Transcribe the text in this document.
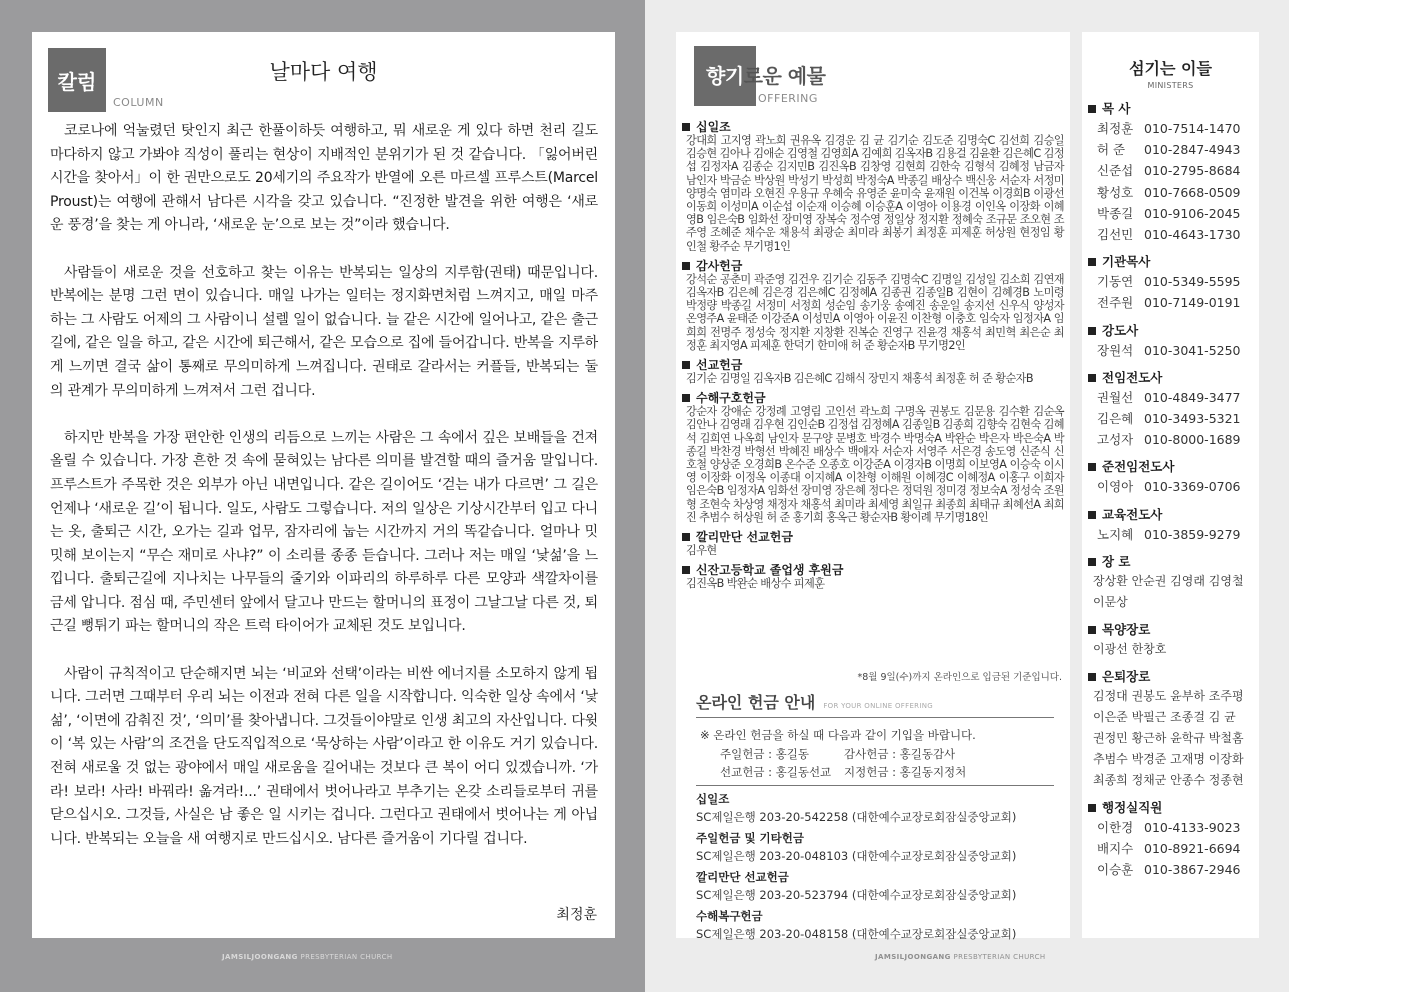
칼럼
COLUMN
날마다 여행

코로나에 억눌렸던 탓인지 최근 한풀이하듯 여행하고, 뭐 새로운 게 있다 하면 천리 길도 마다하지 않고 가봐야 직성이 풀리는 현상이 지배적인 분위기가 된 것 같습니다. 「잃어버린 시간을 찾아서」이 한 권만으로도 20세기의 주요작가 반열에 오른 마르셀 프루스트(Marcel Proust)는 여행에 관해서 남다른 시각을 갖고 있습니다. “진정한 발견을 위한 여행은 ‘새로운 풍경’을 찾는 게 아니라, ‘새로운 눈’으로 보는 것”이라 했습니다.

사람들이 새로운 것을 선호하고 찾는 이유는 반복되는 일상의 지루함(권태) 때문입니다. 반복에는 분명 그런 면이 있습니다. 매일 나가는 일터는 정지화면처럼 느껴지고, 매일 마주하는 그 사람도 어제의 그 사람이니 설렐 일이 없습니다. 늘 같은 시간에 일어나고, 같은 출근길에, 같은 일을 하고, 같은 시간에 퇴근해서, 같은 모습으로 집에 들어갑니다. 반복을 지루하게 느끼면 결국 삶이 통째로 무의미하게 느껴집니다. 권태로 갈라서는 커플들, 반복되는 둘의 관계가 무의미하게 느껴져서 그런 겁니다.

하지만 반복을 가장 편안한 인생의 리듬으로 느끼는 사람은 그 속에서 깊은 보배들을 건져 올릴 수 있습니다. 가장 흔한 것 속에 묻혀있는 남다른 의미를 발견할 때의 즐거움 말입니다. 프루스트가 주목한 것은 외부가 아닌 내면입니다. 같은 길이어도 ‘걷는 내가 다르면’ 그 길은 언제나 ‘새로운 길’이 됩니다. 일도, 사람도 그렇습니다. 저의 일상은 기상시간부터 입고 다니는 옷, 출퇴근 시간, 오가는 길과 업무, 잠자리에 눕는 시간까지 거의 똑같습니다. 얼마나 밋밋해 보이는지 “무슨 재미로 사냐?” 이 소리를 종종 듣습니다. 그러나 저는 매일 ‘낯섦’을 느낍니다. 출퇴근길에 지나치는 나무들의 줄기와 이파리의 하루하루 다른 모양과 색깔차이를 금세 압니다. 점심 때, 주민센터 앞에서 달고나 만드는 할머니의 표정이 그날그날 다른 것, 퇴근길 뻥튀기 파는 할머니의 작은 트럭 타이어가 교체된 것도 보입니다.

사람이 규칙적이고 단순해지면 뇌는 ‘비교와 선택’이라는 비싼 에너지를 소모하지 않게 됩니다. 그러면 그때부터 우리 뇌는 이전과 전혀 다른 일을 시작합니다. 익숙한 일상 속에서 ‘낯섦’, ‘이면에 감춰진 것’, ‘의미’를 찾아냅니다. 그것들이야말로 인생 최고의 자산입니다. 다윗이 ‘복 있는 사람’의 조건을 단도직입적으로 ‘묵상하는 사람’이라고 한 이유도 거기 있습니다. 전혀 새로울 것 없는 광야에서 매일 새로움을 길어내는 것보다 큰 복이 어디 있겠습니까. ‘가라! 보라! 사라! 바꿔라! 옮겨라!...’ 권태에서 벗어나라고 부추기는 온갖 소리들로부터 귀를 닫으십시오. 그것들, 사실은 남 좋은 일 시키는 겁니다. 그런다고 권태에서 벗어나는 게 아닙니다. 반복되는 오늘을 새 여행지로 만드십시오. 남다른 즐거움이 기다릴 겁니다.

최정훈
JAMSILJOONGANG PRESBYTERIAN CHURCH
향기로운 예물
OFFERING
십일조
강대희 고지영 곽노희 권유옥 김경운 김 균 김기순 김도준 김명숙C 김선희 김승일 김승현 김아나 김애순 김영철 김영희A 김예희 김옥자B 김용걸 김윤환 김은혜C 김정섭 김정자A 김종순 김지민B 김진옥B 김창영 김현희 김한숙 김형석 김혜정 남금자 남인자 박금순 박상원 박성기 박성희 박정숙A 박종길 배상수 백신웅 서순자 서정미 양명숙 염미라 오현진 우용규 우혜숙 유영준 윤미숙 윤재원 이건복 이경희B 이광선 이동희 이성미A 이순섭 이순재 이승혜 이승훈A 이영아 이용경 이인옥 이장화 이혜영B 임은숙B 임화선 장미영 장복숙 정수영 정일상 정지환 정혜숙 조규문 조오현 조주영 조혜준 채수운 채용석 최광순 최미라 최봉기 최정훈 피제훈 허상원 현정임 황인철 황주순 무기명1인
감사헌금
강석순 공춘미 곽준영 김건우 김기순 김동주 김명숙C 김명일 김성일 김소희 김연재 김옥자B 김은혜 김은경 김은혜C 김정혜A 김종권 김종일B 김현이 김혜경B 노미령 박정량 박종길 서정미 서정희 성순임 송기웅 송예진 송운일 송지선 신우식 양성자 온영주A 윤태준 이강준A 이성민A 이영아 이윤진 이찬형 이충호 임숙자 임정자A 임희희 전명주 정성숙 정지환 지창환 진복순 진영구 진윤경 채홍석 최민혁 최은순 최정훈 최지영A 피제훈 한덕기 한미애 허 준 황순자B 무기명2인
선교헌금
김기순 김명일 김옥자B 김은혜C 김해식 장민지 채홍석 최정훈 허 준 황순자B
수해구호헌금
강순자 강애순 강정례 고영림 고인선 곽노희 구명옥 권봉도 김문용 김수환 김순옥 김안나 김영래 김우현 김인순B 김정섭 김정혜A 김종일B 김종희 김향숙 김현숙 김혜석 김희연 나옥희 남인자 문구양 문병호 박경수 박명숙A 박완순 박은자 박은숙A 박종길 박찬경 박형선 박혜진 배상수 백애자 서순자 서영주 서은경 송도영 신준식 신호철 양상준 오경희B 온수준 오종호 이강준A 이경자B 이명희 이보영A 이승숙 이시영 이장화 이정옥 이종대 이지혜A 이찬형 이해원 이혜경C 이혜정A 이홍구 이희자 임은숙B 임정자A 임화선 장미영 장은혜 정다은 정덕원 정미경 정보숙A 정성숙 조원형 조현숙 차상영 채정자 채홍석 최미라 최세영 최일규 최종희 최태규 최혜선A 최희진 추범수 허상원 허 준 홍기희 홍옥근 황순자B 황이례 무기명18인
깔리만단 선교헌금
김우현
신잔고등학교 졸업생 후원금
김진옥B 박완순 배상수 피제훈
*8월 9일(수)까지 온라인으로 입금된 기준입니다.
온라인 헌금 안내 FOR YOUR ONLINE OFFERING
※ 온라인 헌금을 하실 때 다음과 같이 기입을 바랍니다.
주일헌금 : 홍길동	감사헌금 : 홍길동감사
선교헌금 : 홍길동선교	지정헌금 : 홍길동지정처
십일조
SC제일은행 203-20-542258 (대한예수교장로회잠실중앙교회)
주일헌금 및 기타헌금
SC제일은행 203-20-048103 (대한예수교장로회잠실중앙교회)
깔리만단 선교헌금
SC제일은행 203-20-523794 (대한예수교장로회잠실중앙교회)
수해복구헌금
SC제일은행 203-20-048158 (대한예수교장로회잠실중앙교회)
섬기는 이들
MINISTERS
목 사
최정훈 010-7514-1470
허 준	010-2847-4943
신준섭 010-2795-8684
황성호 010-7668-0509
박종길 010-9106-2045
김선민 010-4643-1730
기관목사
기동연 010-5349-5595
전주원 010-7149-0191
강도사
장원석 010-3041-5250
전임전도사
권월선 010-4849-3477
김은혜 010-3493-5321
고성자 010-8000-1689
준전임전도사
이영아 010-3369-0706
교육전도사
노지혜 010-3859-9279
장 로
장상환 안순권 김영래 김영철
이문상
목양장로
이광선 한창호
은퇴장로
김정대 권봉도 윤부하 조주평
이은준 박필근 조종걸 김 균
권정민 황근하 윤학규 박철홈
추범수 박경준 고재명 이장화
최종희 정채군 안종수 정종현
행정실직원
이한경 010-4133-9023
배지수 010-8921-6694
이승훈 010-3867-2946
JAMSILJOONGANG PRESBYTERIAN CHURCH
